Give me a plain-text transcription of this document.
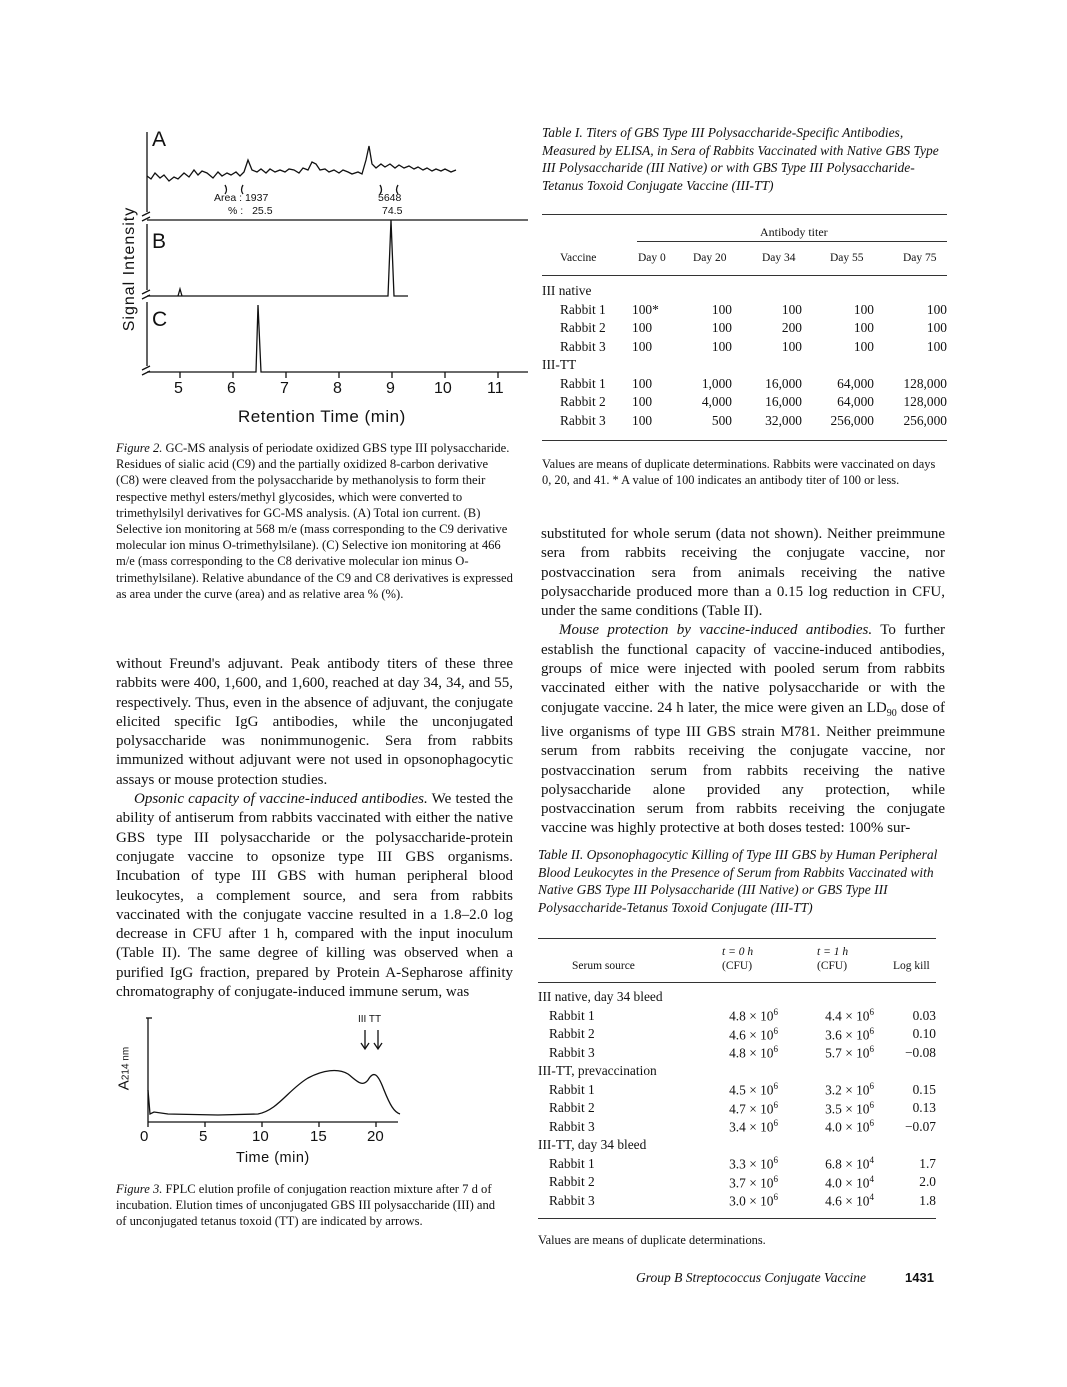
A
B
C
Signal Intensity
Area : 1937
% : 25.5
5648
74.5
5	6	7	8	9 10 11
Retention Time (min)
Figure 2. GC-MS analysis of periodate oxidized GBS type III polysaccharide. Residues of sialic acid (C9) and the partially oxidized 8-carbon derivative (C8) were cleaved from the polysaccharide by methanolysis to form their respective methyl esters/methyl glycosides, which were converted to trimethylsilyl derivatives for GC-MS analysis. (A) Total ion current. (B) Selective ion monitoring at 568 m/e (mass corresponding to the C9 derivative molecular ion minus O-trimethylsilane). (C) Selective ion monitoring at 466 m/e (mass corresponding to the C8 derivative molecular ion minus O-trimethylsilane). Relative abundance of the C9 and C8 derivatives is expressed as area under the curve (area) and as relative area % (%).

without Freund's adjuvant. Peak antibody titers of these three rabbits were 400, 1,600, and 1,600, reached at day 34, 34, and 55, respectively. Thus, even in the absence of adjuvant, the conjugate elicited specific IgG antibodies, while the unconjugated polysaccharide was nonimmunogenic. Sera from rabbits immunized without adjuvant were not used in opsonophagocytic assays or mouse protection studies.

Opsonic capacity of vaccine-induced antibodies. We tested the ability of antiserum from rabbits vaccinated with either the native GBS type III polysaccharide or the polysaccharide-protein conjugate vaccine to opsonize type III GBS organisms. Incubation of type III GBS with human peripheral blood leukocytes, a complement source, and sera from rabbits vaccinated with the conjugate vaccine resulted in a 1.8–2.0 log decrease in CFU after 1 h, compared with the input inoculum (Table II). The same degree of killing was observed when a purified IgG fraction, prepared by Protein A-Sepharose affinity chromatography of conjugate-induced immune serum, was

III TT
A214 nm
0	5	10	15	20
Time (min)
Figure 3. FPLC elution profile of conjugation reaction mixture after 7 d of incubation. Elution times of unconjugated GBS III polysaccharide (III) and of unconjugated tetanus toxoid (TT) are indicated by arrows.
Table I. Titers of GBS Type III Polysaccharide-Specific Antibodies, Measured by ELISA, in Sera of Rabbits Vaccinated with Native GBS Type III Polysaccharide (III Native) or with GBS Type III Polysaccharide-Tetanus Toxoid Conjugate Vaccine (III-TT)
Antibody titer
Vaccine	Day 0 Day 20	Day 34	Day 55	Day 75
III native					
Rabbit 1	100*	100	100	100	100
Rabbit 2	100	100	200	100	100
Rabbit 3	100	100	100	100	100
III-TT					
Rabbit 1	100	1,000	16,000	64,000	128,000
Rabbit 2	100	4,000	16,000	64,000	128,000
Rabbit 3	100	500	32,000	256,000	256,000
Values are means of duplicate determinations. Rabbits were vaccinated on days 0, 20, and 41. * A value of 100 indicates an antibody titer of 100 or less.

substituted for whole serum (data not shown). Neither preimmune sera from rabbits receiving the conjugate vaccine, nor postvaccination sera from animals receiving the native polysaccharide produced more than a 0.15 log reduction in CFU, under the same conditions (Table II).

Mouse protection by vaccine-induced antibodies. To further establish the functional capacity of vaccine-induced antibodies, groups of mice were injected with pooled serum from rabbits vaccinated either with the native polysaccharide or with the conjugate vaccine. 24 h later, the mice were given an $LD_{90}$ dose of live organisms of type III GBS strain M781. Neither preimmune serum from rabbits receiving the conjugate vaccine, nor postvaccination serum from rabbits receiving the native polysaccharide alone provided any protection, while postvaccination serum from rabbits receiving the conjugate vaccine was highly protective at both doses tested: 100% sur-

Table II. Opsonophagocytic Killing of Type III GBS by Human Peripheral Blood Leukocytes in the Presence of Serum from Rabbits Vaccinated with Native GBS Type III Polysaccharide (III Native) or GBS Type III Polysaccharide-Tetanus Toxoid Conjugate (III-TT)
Serum source
t = 0 h
(CFU)
t = 1 h
(CFU)	Log kill
III native, day 34 bleed			
Rabbit 1	$4.8 \times 10^6$	$4.4 \times 10^6$	0.03
Rabbit 2	$4.6 \times 10^6$	$3.6 \times 10^6$	0.10
Rabbit 3	$4.8 \times 10^6$	$5.7 \times 10^6$	−0.08
III-TT, prevaccination			
Rabbit 1	$4.5 \times 10^6$	$3.2 \times 10^6$	0.15
Rabbit 2	$4.7 \times 10^6$	$3.5 \times 10^6$	0.13
Rabbit 3	$3.4 \times 10^6$	$4.0 \times 10^6$	−0.07
III-TT, day 34 bleed			
Rabbit 1	$3.3 \times 10^6$	$6.8 \times 10^4$	1.7
Rabbit 2	$3.7 \times 10^6$	$4.0 \times 10^4$	2.0
Rabbit 3	$3.0 \times 10^6$	$4.6 \times 10^4$	1.8
Values are means of duplicate determinations.
Group B Streptococcus Conjugate Vaccine	1431
